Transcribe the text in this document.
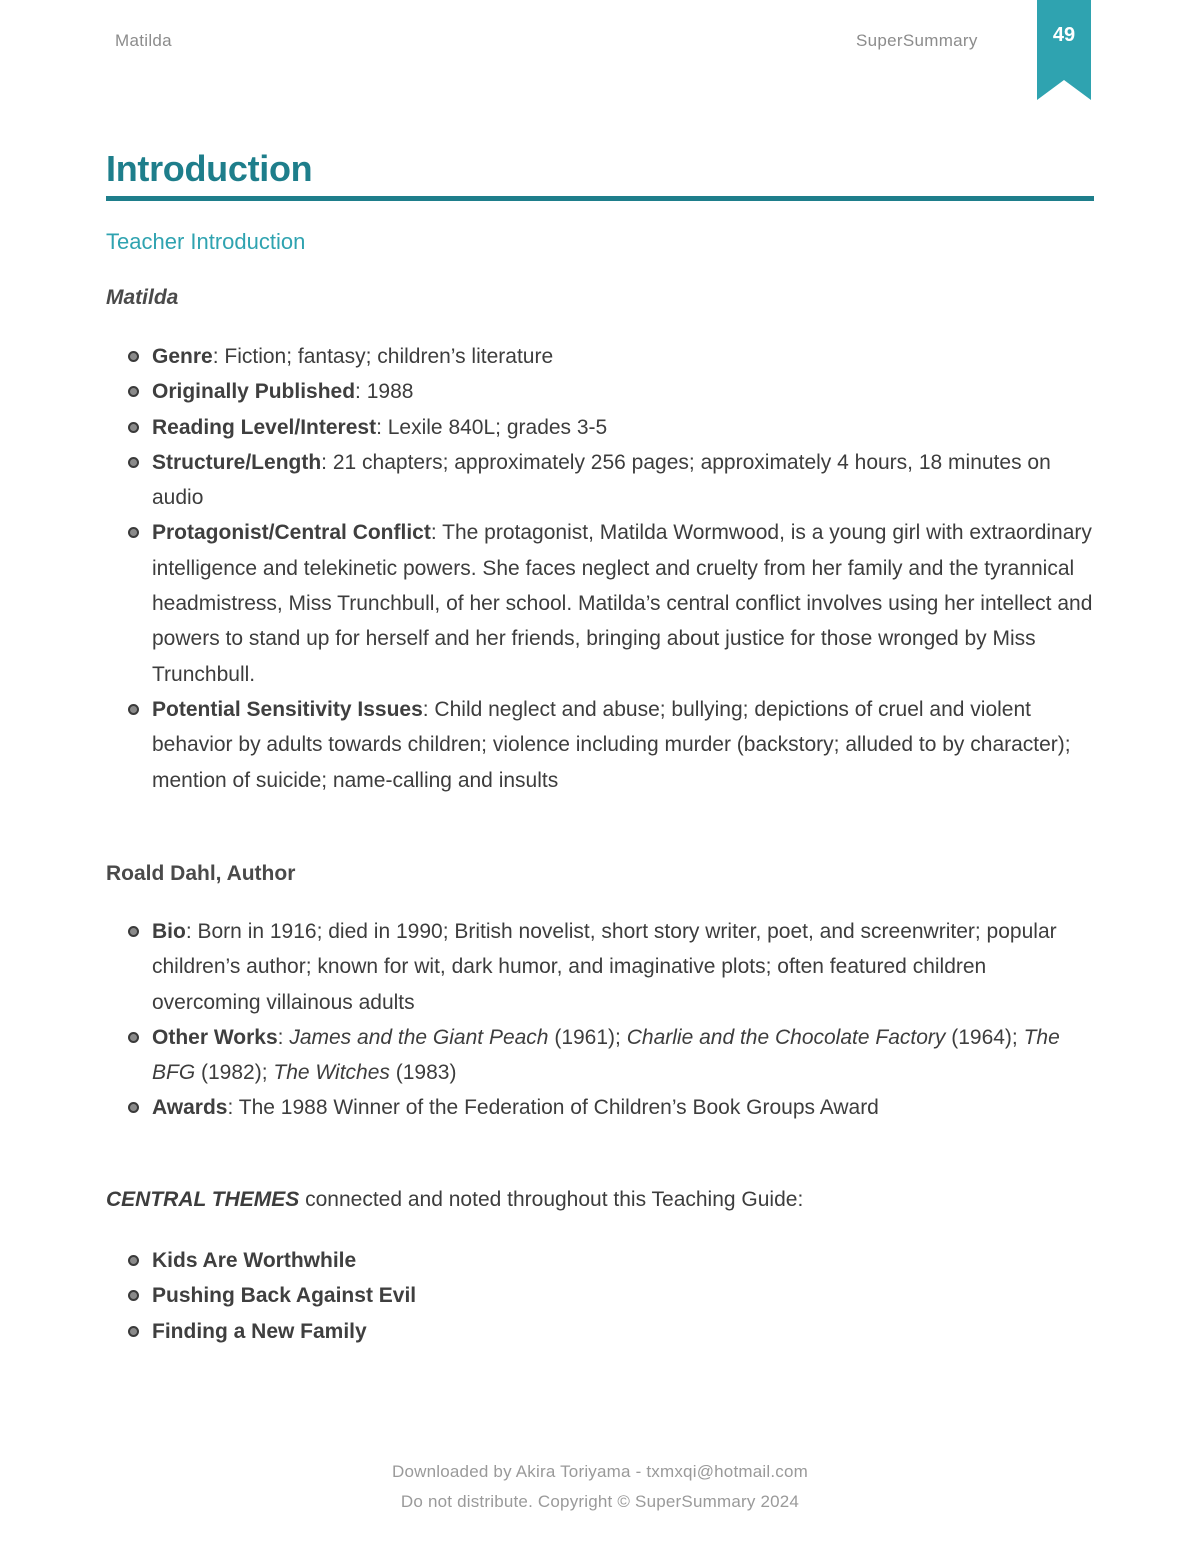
Matilda	SuperSummary	49
Introduction
Teacher Introduction
Matilda
Genre: Fiction; fantasy; children’s literature
Originally Published: 1988
Reading Level/Interest: Lexile 840L; grades 3-5
Structure/Length: 21 chapters; approximately 256 pages; approximately 4 hours, 18 minutes on audio
Protagonist/Central Conflict: The protagonist, Matilda Wormwood, is a young girl with extraordinary intelligence and telekinetic powers. She faces neglect and cruelty from her family and the tyrannical headmistress, Miss Trunchbull, of her school. Matilda’s central conflict involves using her intellect and powers to stand up for herself and her friends, bringing about justice for those wronged by Miss Trunchbull.
Potential Sensitivity Issues: Child neglect and abuse; bullying; depictions of cruel and violent behavior by adults towards children; violence including murder (backstory; alluded to by character); mention of suicide; name-calling and insults
Roald Dahl, Author
Bio: Born in 1916; died in 1990; British novelist, short story writer, poet, and screenwriter; popular children’s author; known for wit, dark humor, and imaginative plots; often featured children overcoming villainous adults
Other Works: James and the Giant Peach (1961); Charlie and the Chocolate Factory (1964); The BFG (1982); The Witches (1983)
Awards: The 1988 Winner of the Federation of Children’s Book Groups Award
CENTRAL THEMES connected and noted throughout this Teaching Guide:
Kids Are Worthwhile
Pushing Back Against Evil
Finding a New Family
Downloaded by Akira Toriyama - txmxqi@hotmail.com
Do not distribute. Copyright © SuperSummary 2024
